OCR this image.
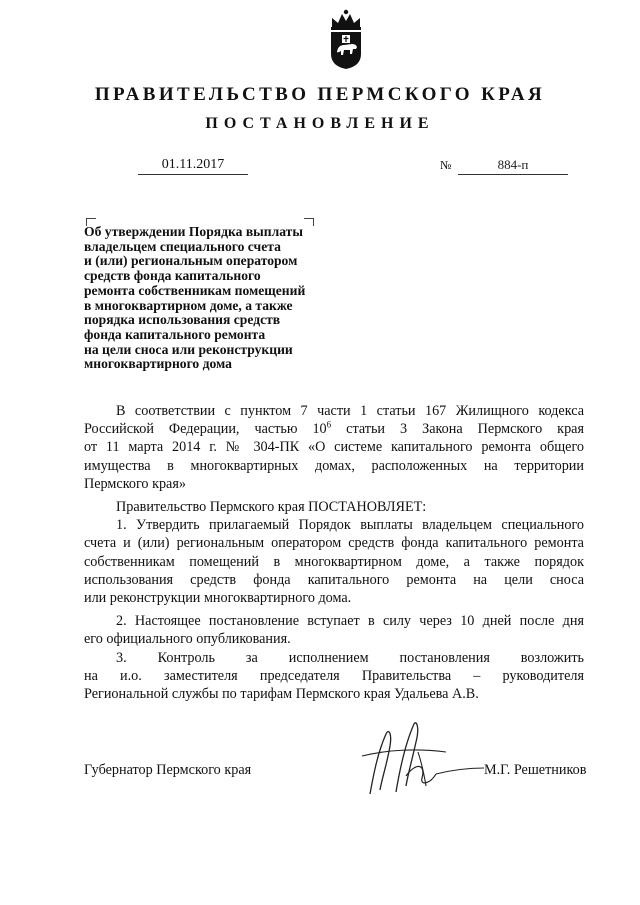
ПРАВИТЕЛЬСТВО ПЕРМСКОГО КРАЯ
ПОСТАНОВЛЕНИЕ
01.11.2017	№	884-п
Об утверждении Порядка выплаты
владельцем специального счета
и (или) региональным оператором
средств фонда капитального
ремонта собственникам помещений
в многоквартирном доме, а также
порядка использования средств
фонда капитального ремонта
на цели сноса или реконструкции
многоквартирного дома
В соответствии с пунктом 7 части 1 статьи 167 Жилищного кодекса
Российской Федерации, частью $10^6$ статьи 3 Закона Пермского края
от 11 марта 2014 г. № 304-ПК «О системе капитального ремонта общего
имущества в многоквартирных домах, расположенных на территории
Пермского края»
Правительство Пермского края ПОСТАНОВЛЯЕТ:
1. Утвердить прилагаемый Порядок выплаты владельцем специального
счета и (или) региональным оператором средств фонда капитального ремонта
собственникам помещений в многоквартирном доме, а также порядок
использования средств фонда капитального ремонта на цели сноса
или реконструкции многоквартирного дома.
2. Настоящее постановление вступает в силу через 10 дней после дня
его официального опубликования.
3. Контроль за исполнением постановления возложить
на и.о. заместителя председателя Правительства – руководителя
Региональной службы по тарифам Пермского края Удальева А.В.
Губернатор Пермского края	М.Г. Решетников
